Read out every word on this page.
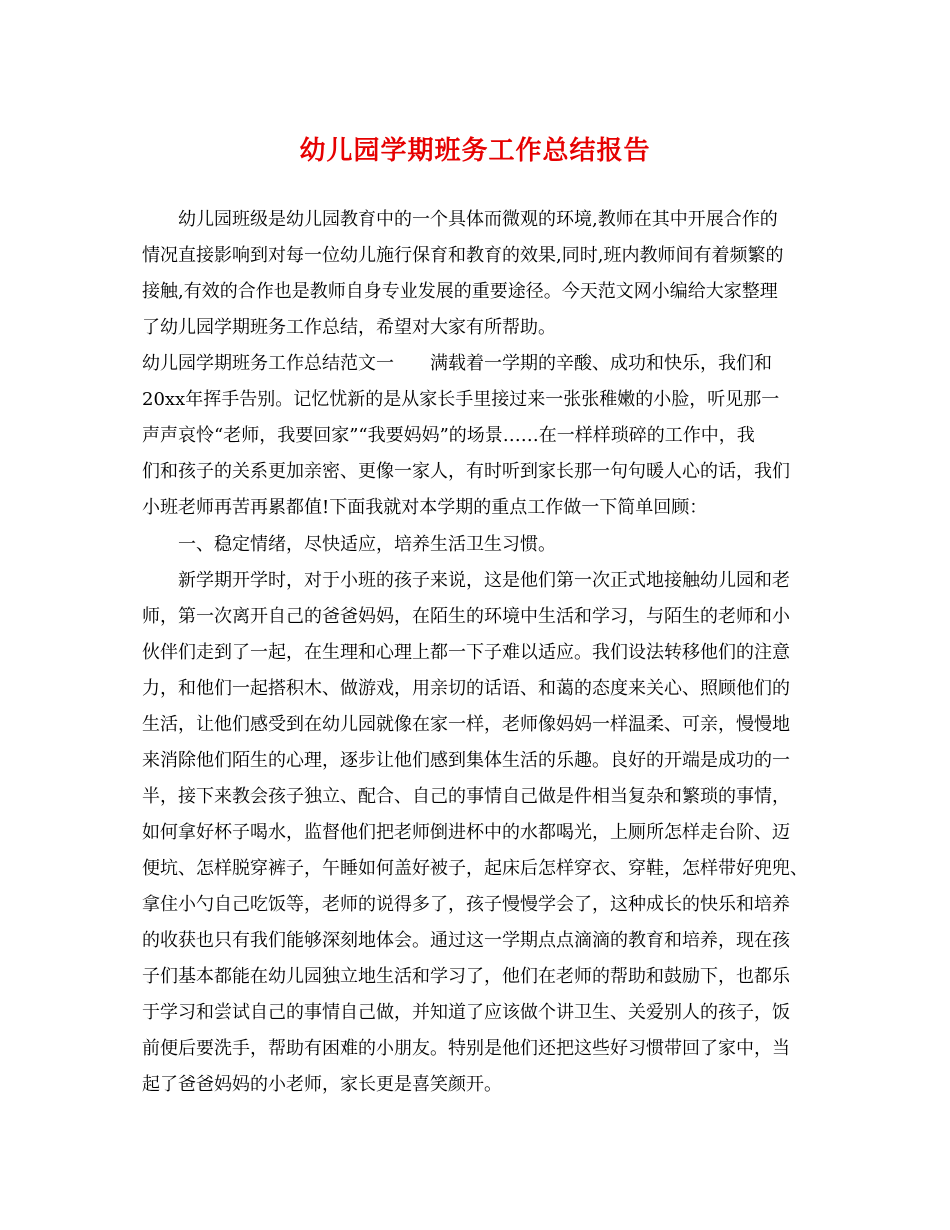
幼儿园学期班务工作总结报告
　　幼儿园班级是幼儿园教育中的一个具体而微观的环境,教师在其中开展合作的
情况直接影响到对每一位幼儿施行保育和教育的效果,同时,班内教师间有着频繁的
接触,有效的合作也是教师自身专业发展的重要途径。今天范文网小编给大家整理
了幼儿园学期班务工作总结，希望对大家有所帮助。
幼儿园学期班务工作总结范文一　　满载着一学期的辛酸、成功和快乐，我们和
20xx年挥手告别。记忆忧新的是从家长手里接过来一张张稚嫩的小脸，听见那一
声声哀怜“老师，我要回家”“我要妈妈”的场景……在一样样琐碎的工作中，我
们和孩子的关系更加亲密、更像一家人，有时听到家长那一句句暖人心的话，我们
小班老师再苦再累都值!下面我就对本学期的重点工作做一下简单回顾：
　　一、稳定情绪，尽快适应，培养生活卫生习惯。
　　新学期开学时，对于小班的孩子来说，这是他们第一次正式地接触幼儿园和老
师，第一次离开自己的爸爸妈妈，在陌生的环境中生活和学习，与陌生的老师和小
伙伴们走到了一起，在生理和心理上都一下子难以适应。我们设法转移他们的注意
力，和他们一起搭积木、做游戏，用亲切的话语、和蔼的态度来关心、照顾他们的
生活，让他们感受到在幼儿园就像在家一样，老师像妈妈一样温柔、可亲，慢慢地
来消除他们陌生的心理，逐步让他们感到集体生活的乐趣。良好的开端是成功的一
半，接下来教会孩子独立、配合、自己的事情自己做是件相当复杂和繁琐的事情，
如何拿好杯子喝水，监督他们把老师倒进杯中的水都喝光，上厕所怎样走台阶、迈
便坑、怎样脱穿裤子，午睡如何盖好被子，起床后怎样穿衣、穿鞋，怎样带好兜兜、
拿住小勺自己吃饭等，老师的说得多了，孩子慢慢学会了，这种成长的快乐和培养
的收获也只有我们能够深刻地体会。通过这一学期点点滴滴的教育和培养，现在孩
子们基本都能在幼儿园独立地生活和学习了，他们在老师的帮助和鼓励下，也都乐
于学习和尝试自己的事情自己做，并知道了应该做个讲卫生、关爱别人的孩子，饭
前便后要洗手，帮助有困难的小朋友。特别是他们还把这些好习惯带回了家中，当
起了爸爸妈妈的小老师，家长更是喜笑颜开。
